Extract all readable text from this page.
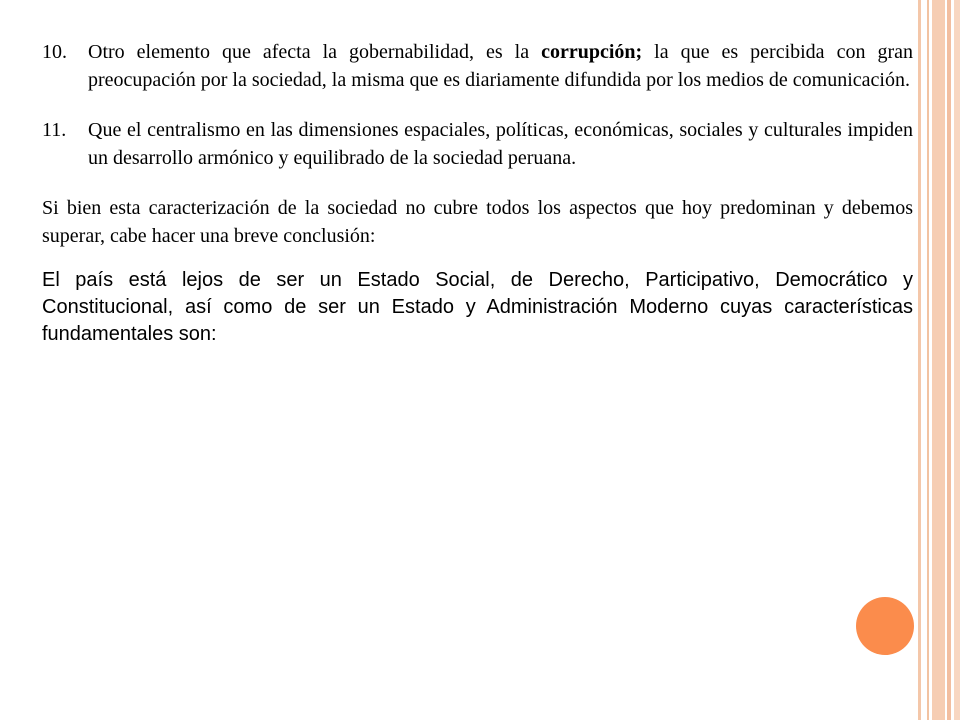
10. Otro elemento que afecta la gobernabilidad, es la corrupción; la que es percibida con gran preocupación por la sociedad, la misma que es diariamente difundida por los medios de comunicación.
11. Que el centralismo en las dimensiones espaciales, políticas, económicas, sociales y culturales impiden un desarrollo armónico y equilibrado de la sociedad peruana.
Si bien esta caracterización de la sociedad no cubre todos los aspectos que hoy predominan y debemos superar, cabe hacer una breve conclusión:
El país está lejos de ser un Estado Social, de Derecho, Participativo, Democrático y Constitucional, así como de ser un Estado y Administración Moderno cuyas características fundamentales son:
